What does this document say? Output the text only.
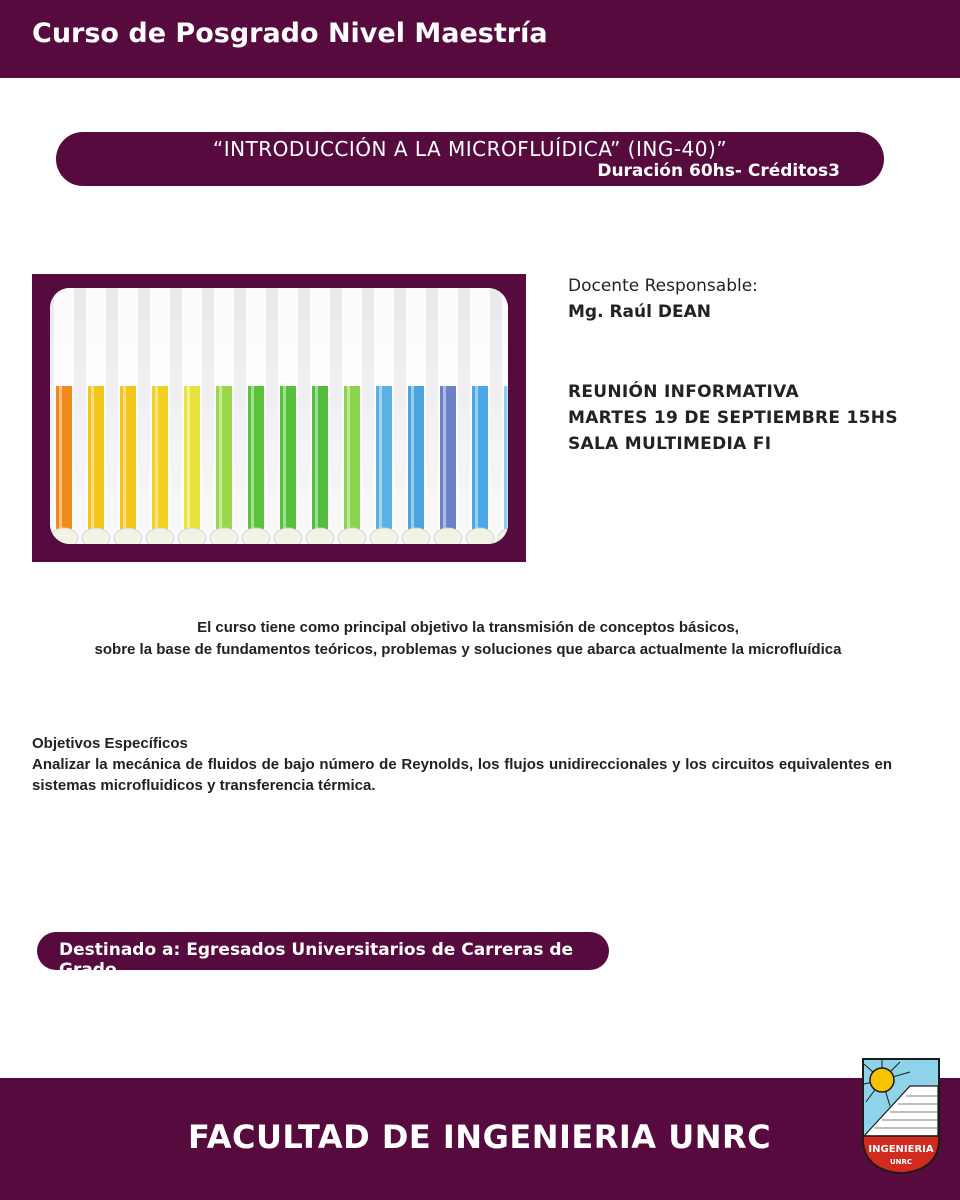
Curso de Posgrado Nivel Maestría
“INTRODUCCIÓN A LA MICROFLUÍDICA” (ING-40)”
Duración 60hs- Créditos3
Docente Responsable:
Mg. Raúl DEAN
REUNIÓN INFORMATIVA
MARTES 19 DE SEPTIEMBRE 15HS
SALA MULTIMEDIA FI
El curso tiene como principal objetivo la transmisión de conceptos básicos,
sobre la base de fundamentos teóricos, problemas y soluciones que abarca actualmente la microfluídica
Objetivos Específicos
Analizar la mecánica de fluidos de bajo número de Reynolds, los flujos unidireccionales y los circuitos equivalentes en sistemas microfluidicos y transferencia térmica.
Destinado a: Egresados Universitarios de Carreras de Grado
FACULTAD DE INGENIERIA UNRC	INGENIERIA
UNRC
